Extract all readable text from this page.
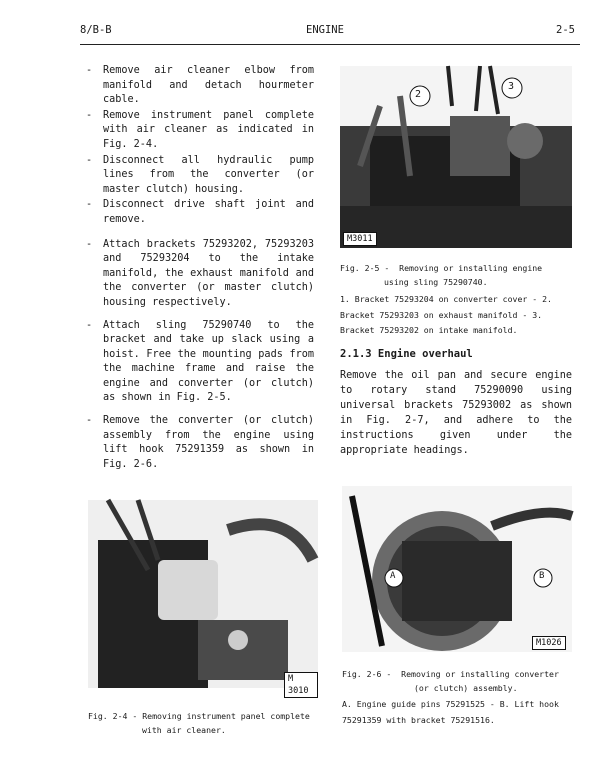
8/B-B	ENGINE	2-5
- Remove air cleaner elbow from manifold and detach hourmeter cable.
- Remove instrument panel complete with air cleaner as indicated in Fig. 2-4.
- Disconnect all hydraulic pump lines from the converter (or master clutch) housing.
- Disconnect drive shaft joint and remove.
- Attach brackets 75293202, 75293203 and 75293204 to the intake manifold, the exhaust manifold and the converter (or master clutch) housing respectively.
- Attach sling 75290740 to the bracket and take up slack using a hoist. Free the mounting pads from the machine frame and raise the engine and converter (or clutch) as shown in Fig. 2-5.
- Remove the converter (or clutch) assembly from the engine using lift hook 75291359 as shown in Fig. 2-6.
2
3
M3011
Fig. 2-5 -  Removing or installing engine
using sling 75290740.
1. Bracket 75293204 on converter cover - 2.
Bracket 75293203 on exhaust manifold - 3.
Bracket 75293202 on intake manifold.
2.1.3 Engine overhaul
Remove the oil pan and secure engine to rotary stand 75290090 using universal brackets 75293002 as shown in Fig. 2-7, and adhere to the instructions given under the appropriate headings.
M 3010
Fig. 2-4 - Removing instrument panel complete
with air cleaner.
A	B
M1026
Fig. 2-6 -  Removing or installing converter
(or clutch) assembly.
A. Engine guide pins 75291525 - B. Lift hook
75291359 with bracket 75291516.
